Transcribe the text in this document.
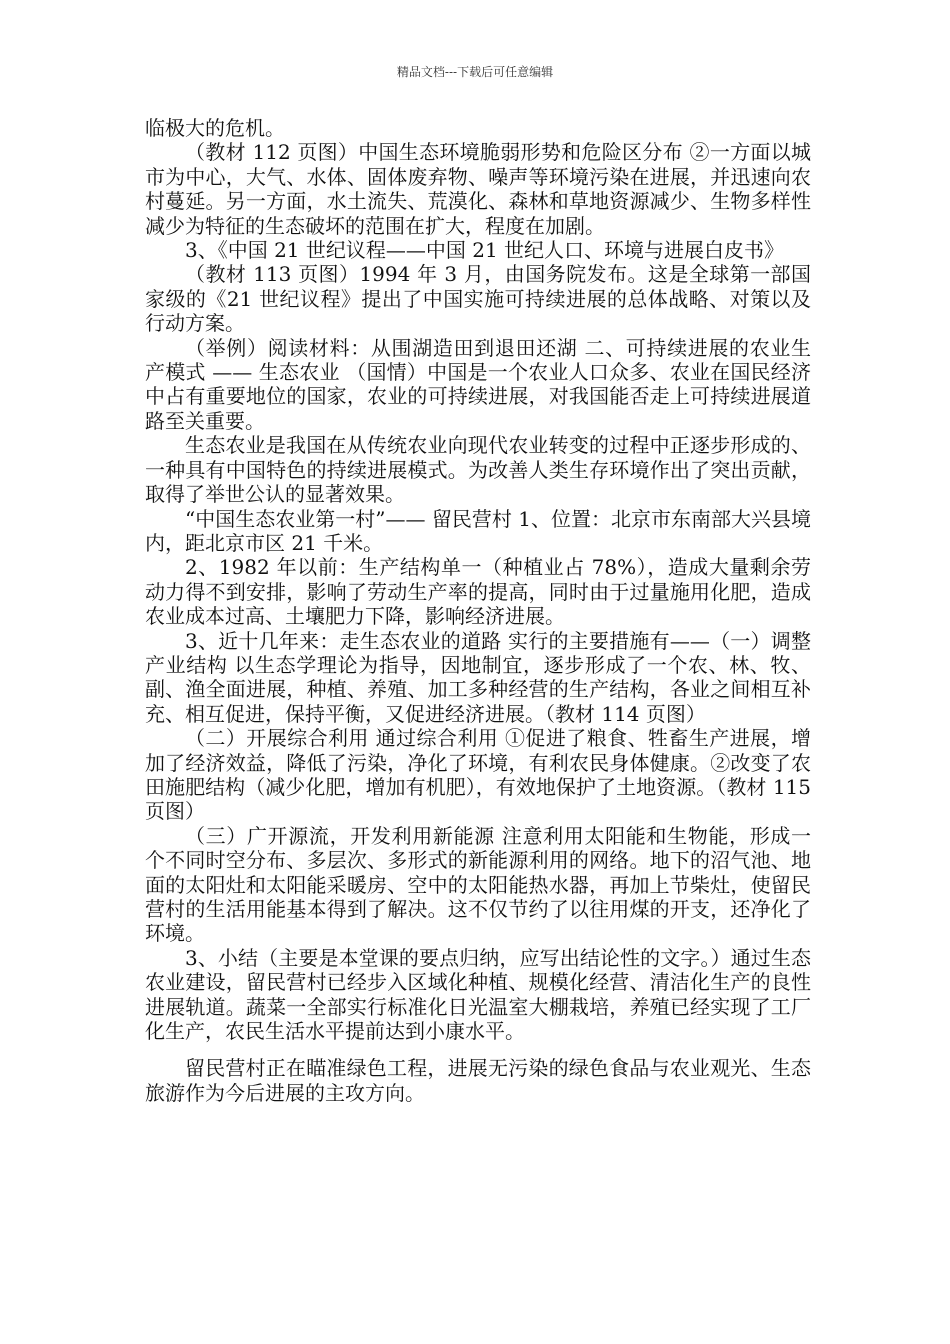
精品文档---下载后可任意编辑

临极大的危机。

（教材 112 页图）中国生态环境脆弱形势和危险区分布 ②一方面以城市为中心，大气、水体、固体废弃物、噪声等环境污染在进展，并迅速向农村蔓延。另一方面，水土流失、荒漠化、森林和草地资源减少、生物多样性减少为特征的生态破坏的范围在扩大，程度在加剧。

3、《中国 21 世纪议程——中国 21 世纪人口、环境与进展白皮书》

（教材 113 页图）1994 年 3 月，由国务院发布。这是全球第一部国家级的《21 世纪议程》提出了中国实施可持续进展的总体战略、对策以及行动方案。

（举例）阅读材料：从围湖造田到退田还湖 二、可持续进展的农业生产模式 —— 生态农业 （国情）中国是一个农业人口众多、农业在国民经济中占有重要地位的国家，农业的可持续进展，对我国能否走上可持续进展道路至关重要。

生态农业是我国在从传统农业向现代农业转变的过程中正逐步形成的、一种具有中国特色的持续进展模式。为改善人类生存环境作出了突出贡献，取得了举世公认的显著效果。

“中国生态农业第一村”—— 留民营村 1、位置：北京市东南部大兴县境内，距北京市区 21 千米。

2、1982 年以前：生产结构单一（种植业占 78%），造成大量剩余劳动力得不到安排，影响了劳动生产率的提高，同时由于过量施用化肥，造成农业成本过高、土壤肥力下降，影响经济进展。

3、近十几年来：走生态农业的道路 实行的主要措施有——（一）调整产业结构 以生态学理论为指导，因地制宜，逐步形成了一个农、林、牧、副、渔全面进展，种植、养殖、加工多种经营的生产结构，各业之间相互补充、相互促进，保持平衡，又促进经济进展。（教材 114 页图）

（二）开展综合利用 通过综合利用 ①促进了粮食、牲畜生产进展，增加了经济效益，降低了污染，净化了环境，有利农民身体健康。②改变了农田施肥结构（减少化肥，增加有机肥），有效地保护了土地资源。（教材 115 页图）

（三）广开源流，开发利用新能源 注意利用太阳能和生物能，形成一个不同时空分布、多层次、多形式的新能源利用的网络。地下的沼气池、地面的太阳灶和太阳能采暖房、空中的太阳能热水器，再加上节柴灶，使留民营村的生活用能基本得到了解决。这不仅节约了以往用煤的开支，还净化了环境。

3、小结（主要是本堂课的要点归纳，应写出结论性的文字。）通过生态农业建设，留民营村已经步入区域化种植、规模化经营、清洁化生产的良性进展轨道。蔬菜一全部实行标准化日光温室大棚栽培，养殖已经实现了工厂化生产，农民生活水平提前达到小康水平。

留民营村正在瞄准绿色工程，进展无污染的绿色食品与农业观光、生态旅游作为今后进展的主攻方向。
